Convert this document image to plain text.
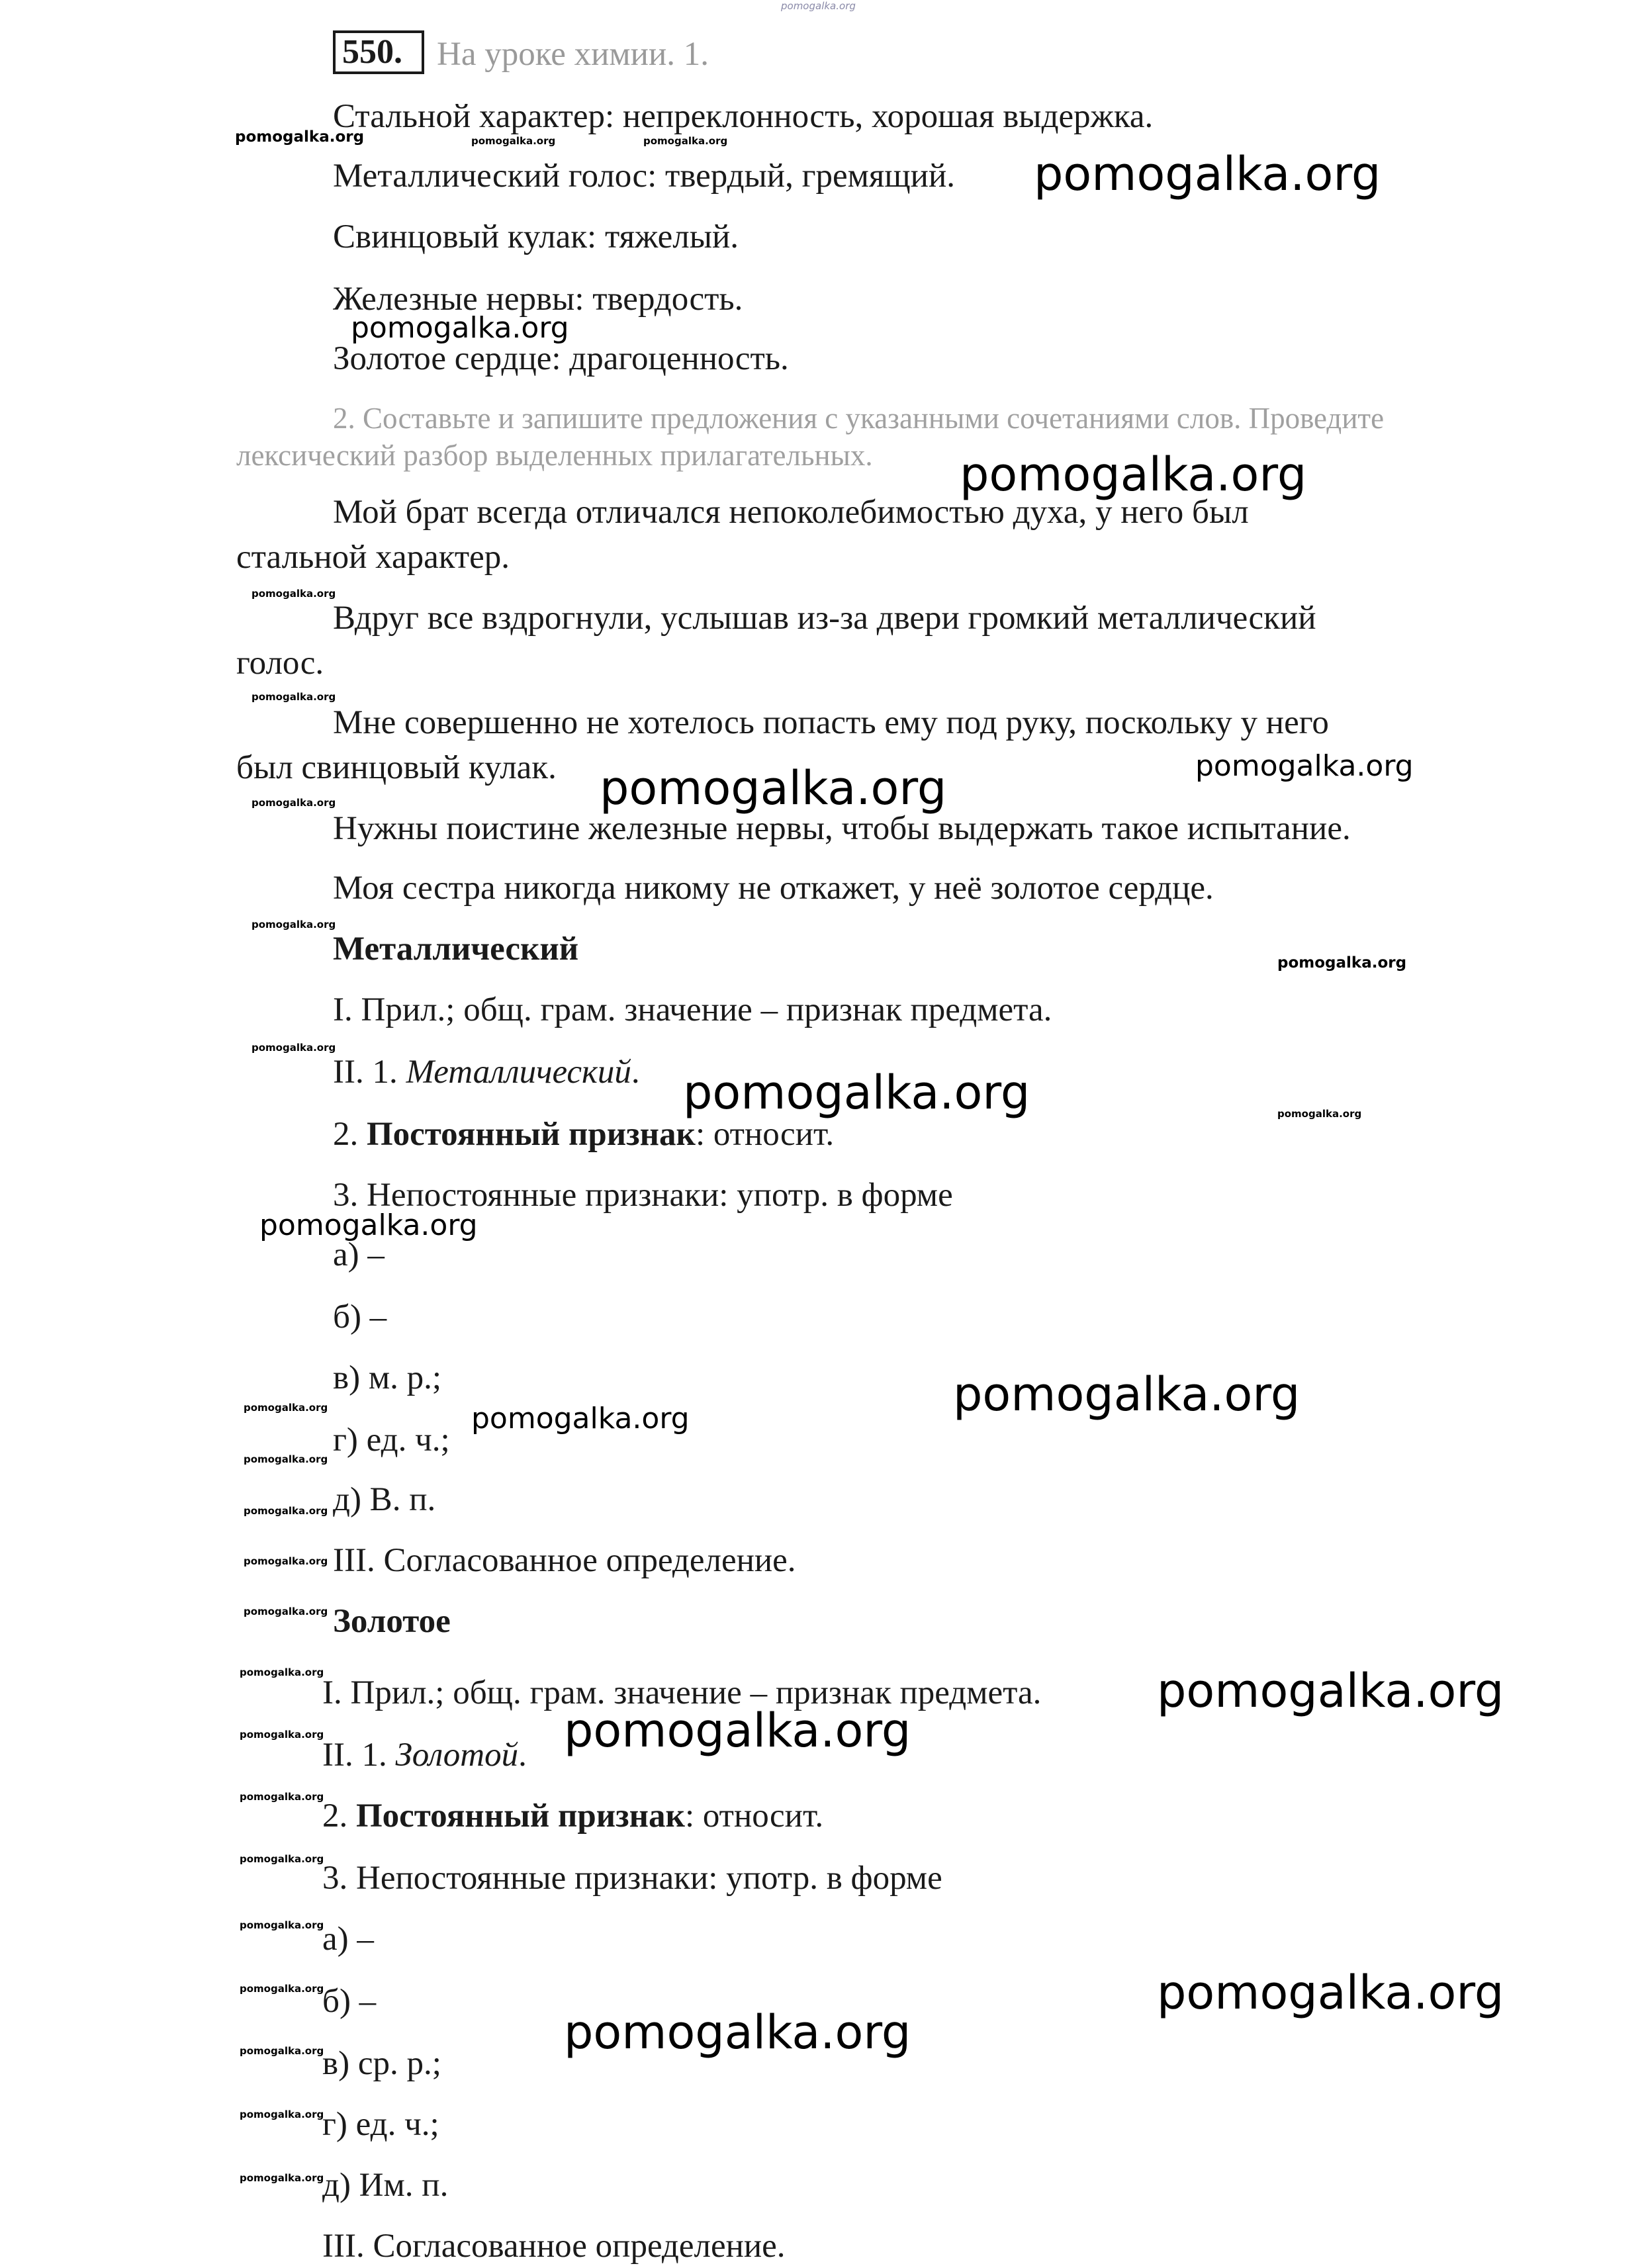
550.	На уроке химии. 1.
Стальной характер: непреклонность, хорошая выдержка.
Металлический голос: твердый, гремящий.
Свинцовый кулак: тяжелый.
Железные нервы: твердость.
Золотое сердце: драгоценность.
2. Составьте и запишите предложения с указанными сочетаниями слов. Проведите
лексический разбор выделенных прилагательных.
Мой брат всегда отличался непоколебимостью духа, у него был
стальной характер.
Вдруг все вздрогнули, услышав из-за двери громкий металлический
голос.
Мне совершенно не хотелось попасть ему под руку, поскольку у него
был свинцовый кулак.
Нужны поистине железные нервы, чтобы выдержать такое испытание.
Моя сестра никогда никому не откажет, у неё золотое сердце.
Металлический
I. Прил.; общ. грам. значение – признак предмета.
II. 1. Металлический.
2. Постоянный признак: относит.
3. Непостоянные признаки: употр. в форме
а) –
б) –
в) м. р.;
г) ед. ч.;
д) В. п.
III. Согласованное определение.
Золотое
I. Прил.; общ. грам. значение – признак предмета.
II. 1. Золотой.
2. Постоянный признак: относит.
3. Непостоянные признаки: употр. в форме
а) –
б) –
в) ср. р.;
г) ед. ч.;
д) Им. п.
III. Согласованное определение.
pomogalka.org
pomogalka.org	pomogalka.org	pomogalka.org
pomogalka.org
pomogalka.org
pomogalka.org
pomogalka.org
pomogalka.org
pomogalka.org	pomogalka.org
pomogalka.org
pomogalka.org
pomogalka.org
pomogalka.org
pomogalka.org	pomogalka.org
pomogalka.org
pomogalka.org
pomogalka.org
pomogalka.org
pomogalka.org
pomogalka.org
pomogalka.org
pomogalka.org
pomogalka.org	pomogalka.org
pomogalka.org	pomogalka.org
pomogalka.org
pomogalka.org
pomogalka.org
pomogalka.org	pomogalka.org
pomogalka.org
pomogalka.org
pomogalka.org
pomogalka.org
